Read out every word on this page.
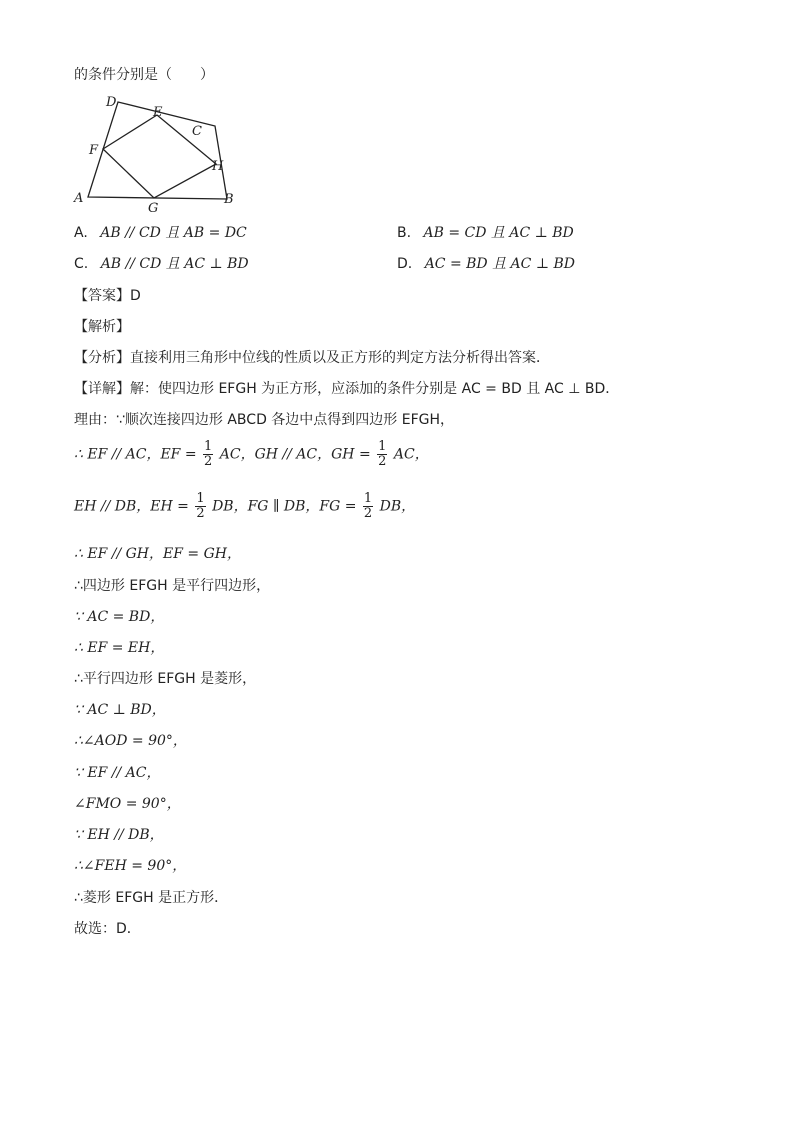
的条件分别是（　　）
D
E
C
F
H
A
G
B
A. AB // CD 且 AB = DC	B. AB = CD 且 AC ⊥ BD
C. AB // CD 且 AC ⊥ BD	D. AC = BD 且 AC ⊥ BD
【答案】D
【解析】
【分析】直接利用三角形中位线的性质以及正方形的判定方法分析得出答案．
【详解】解：使四边形 EFGH 为正方形，应添加的条件分别是 AC = BD 且 AC ⊥ BD．
理由：∵顺次连接四边形 ABCD 各边中点得到四边形 EFGH，
∴ EF // AC，EF = $\frac{1}{2}$ AC，GH // AC，GH = $\frac{1}{2}$ AC，
EH // DB，EH = $\frac{1}{2}$ DB，FG ∥ DB，FG = $\frac{1}{2}$ DB，
∴ EF // GH，EF = GH，
∴四边形 EFGH 是平行四边形，
∵ AC = BD，
∴ EF = EH，
∴平行四边形 EFGH 是菱形，
∵ AC ⊥ BD，
∴∠AOD = 90°，
∵ EF // AC，
∠FMO = 90°，
∵ EH // DB，
∴∠FEH = 90°，
∴菱形 EFGH 是正方形．
故选：D．
